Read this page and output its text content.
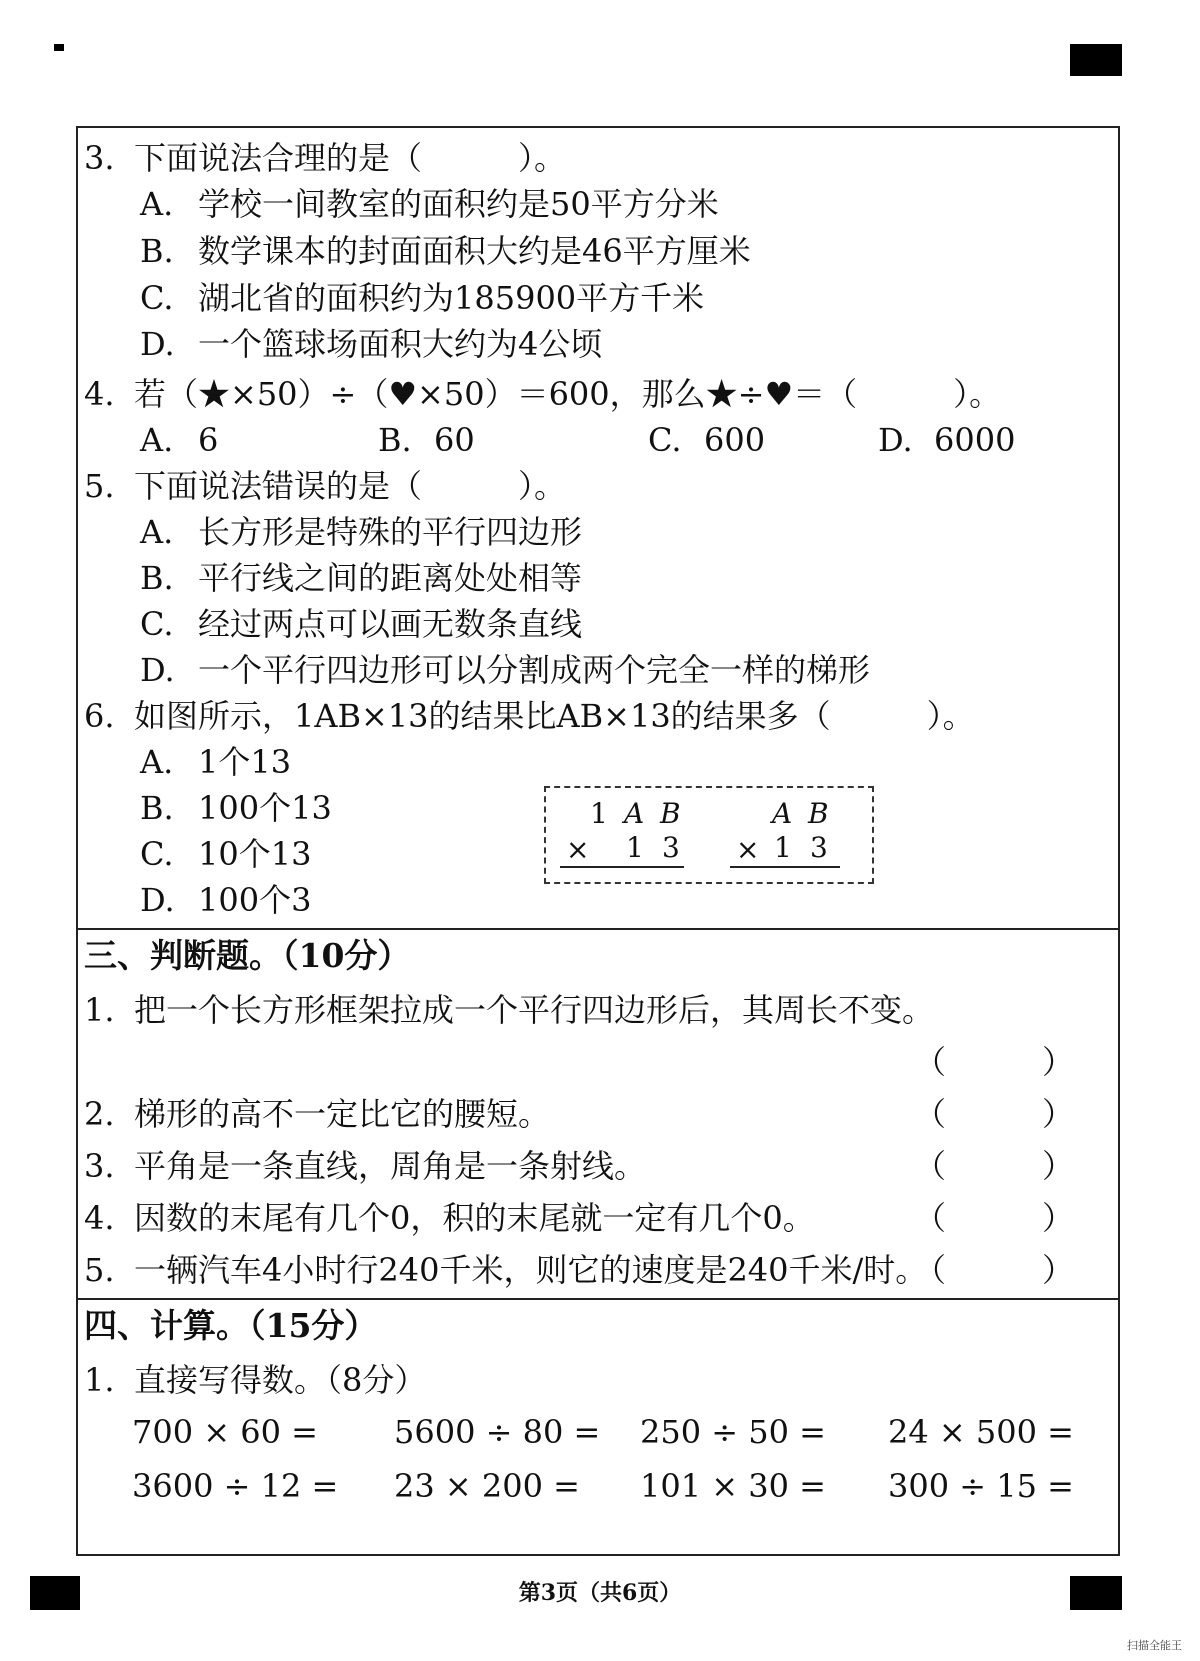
3. 下面说法合理的是（　　　）。
A. 学校一间教室的面积约是50平方分米
B. 数学课本的封面面积大约是46平方厘米
C. 湖北省的面积约为185900平方千米
D. 一个篮球场面积大约为4公顷
4. 若（★×50）÷（♥×50）＝600，那么★÷♥＝（　　　）。
A. 6	B. 60	C. 600	D. 6000
5. 下面说法错误的是（　　　）。
A. 长方形是特殊的平行四边形
B. 平行线之间的距离处处相等
C. 经过两点可以画无数条直线
D. 一个平行四边形可以分割成两个完全一样的梯形
6. 如图所示，1AB×13的结果比AB×13的结果多（　　　）。
A. 1个13
B. 100个13
C. 10个13
D. 100个3
1 A B
× 1 3
A B
× 1 3
三、判断题。（10分）
1. 把一个长方形框架拉成一个平行四边形后，其周长不变。
（　　　）
2. 梯形的高不一定比它的腰短。	（　　　）
3. 平角是一条直线，周角是一条射线。	（　　　）
4. 因数的末尾有几个0，积的末尾就一定有几个0。	（　　　）
5. 一辆汽车4小时行240千米，则它的速度是240千米/时。
（　　　）
四、计算。（15分）
1. 直接写得数。（8分）
700 × 60 = 5600 ÷ 80 = 250 ÷ 50 = 24 × 500 =
3600 ÷ 12 = 23 × 200 = 101 × 30 = 300 ÷ 15 =
第3页（共6页）
扫描全能王
